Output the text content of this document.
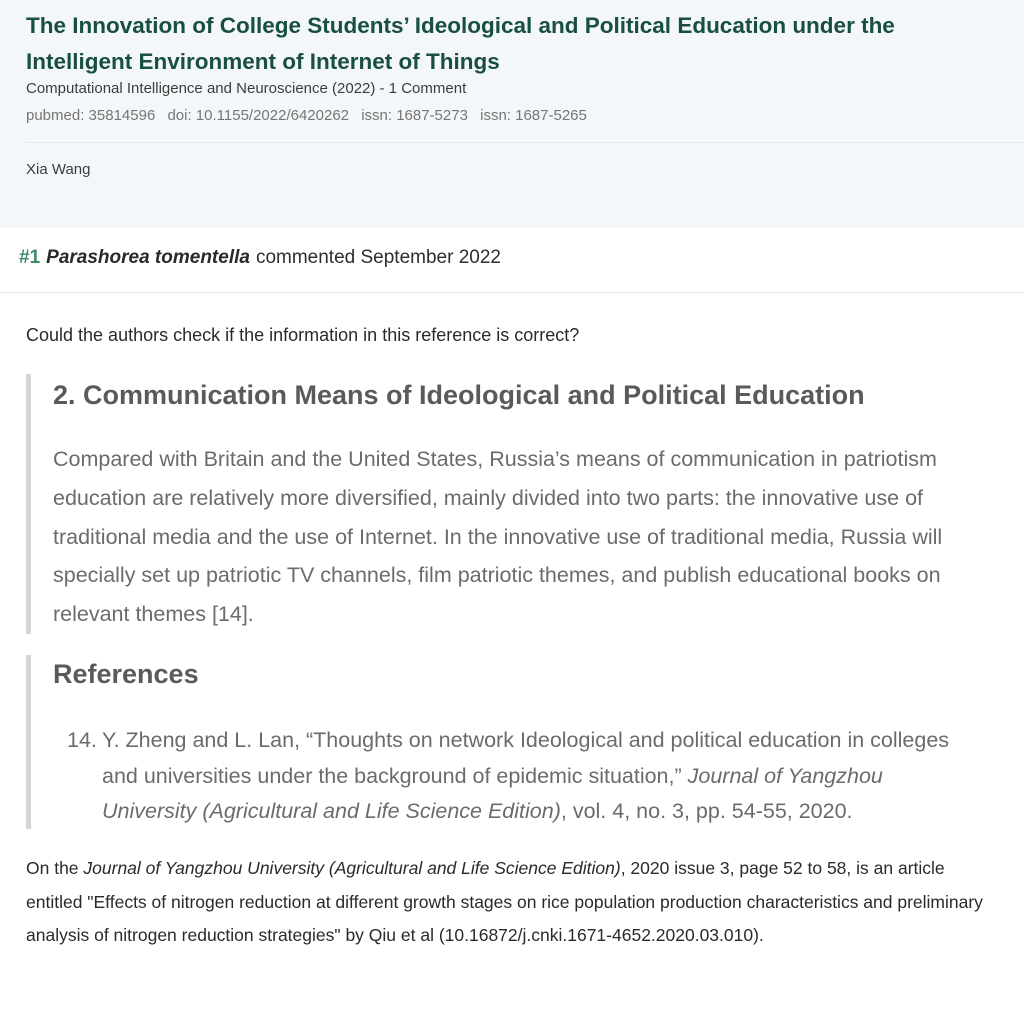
The Innovation of College Students’ Ideological and Political Education under the Intelligent Environment of Internet of Things
Computational Intelligence and Neuroscience (2022) - 1 Comment
pubmed: 35814596 doi: 10.1155/2022/6420262 issn: 1687-5273 issn: 1687-5265
Xia Wang
#1 Parashorea tomentella commented September 2022
Could the authors check if the information in this reference is correct?
2. Communication Means of Ideological and Political Education
Compared with Britain and the United States, Russia’s means of communication in patriotism education are relatively more diversified, mainly divided into two parts: the innovative use of traditional media and the use of Internet. In the innovative use of traditional media, Russia will specially set up patriotic TV channels, film patriotic themes, and publish educational books on relevant themes [14].
References
14. Y. Zheng and L. Lan, “Thoughts on network Ideological and political education in colleges and universities under the background of epidemic situation,” Journal of Yangzhou University (Agricultural and Life Science Edition), vol. 4, no. 3, pp. 54-55, 2020.
On the Journal of Yangzhou University (Agricultural and Life Science Edition), 2020 issue 3, page 52 to 58, is an article entitled "Effects of nitrogen reduction at different growth stages on rice population production characteristics and preliminary analysis of nitrogen reduction strategies" by Qiu et al (10.16872/j.cnki.1671-4652.2020.03.010).
